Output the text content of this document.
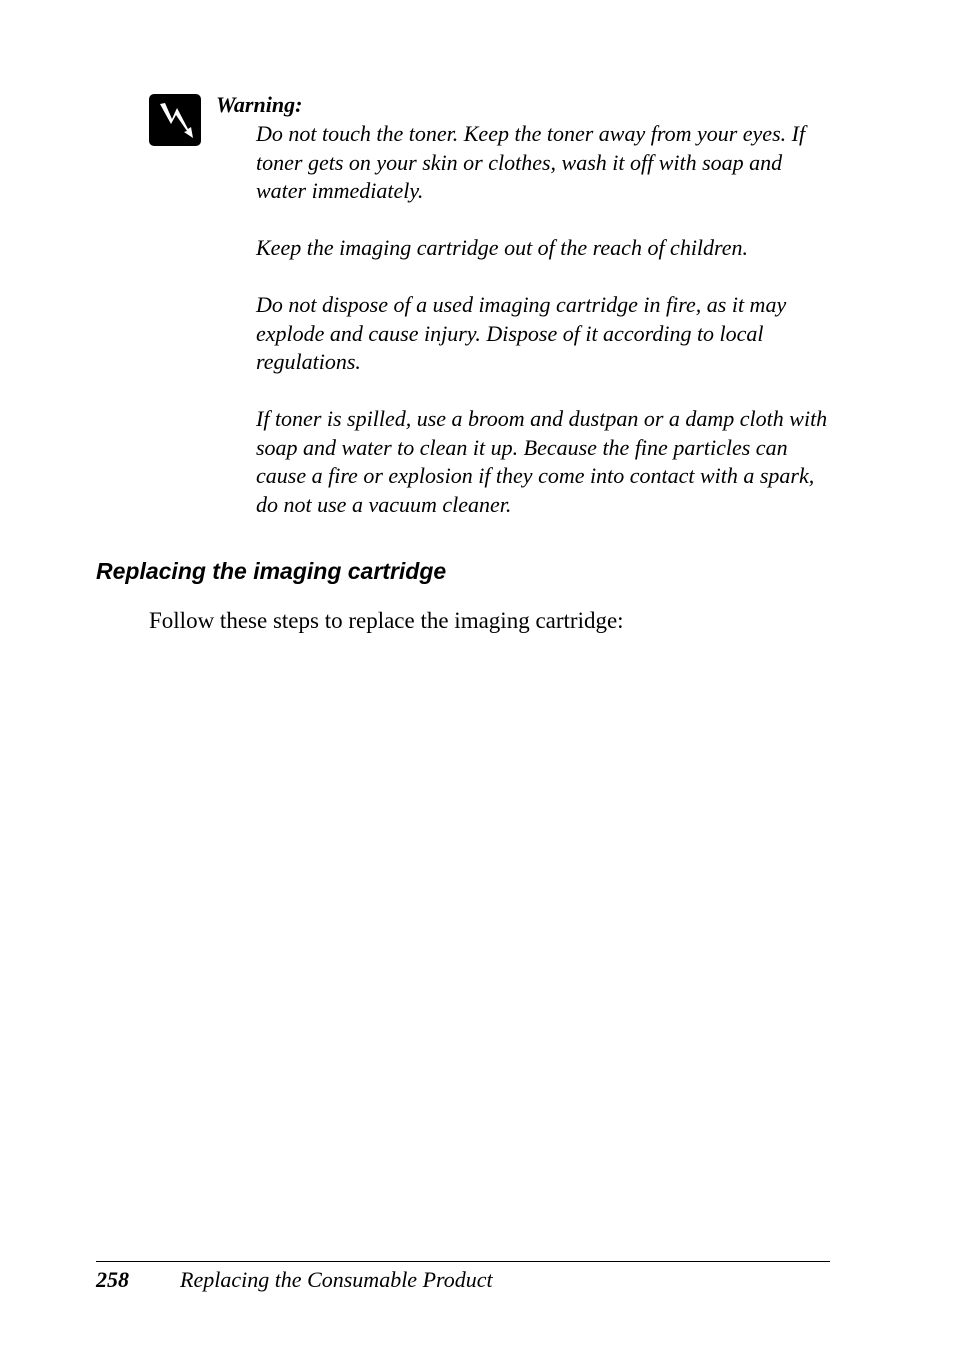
Warning:

Do not touch the toner. Keep the toner away from your eyes. If toner gets on your skin or clothes, wash it off with soap and water immediately.

Keep the imaging cartridge out of the reach of children.

Do not dispose of a used imaging cartridge in fire, as it may explode and cause injury. Dispose of it according to local regulations.

If toner is spilled, use a broom and dustpan or a damp cloth with soap and water to clean it up. Because the fine particles can cause a fire or explosion if they come into contact with a spark, do not use a vacuum cleaner.

Replacing the imaging cartridge

Follow these steps to replace the imaging cartridge:

258 Replacing the Consumable Product
